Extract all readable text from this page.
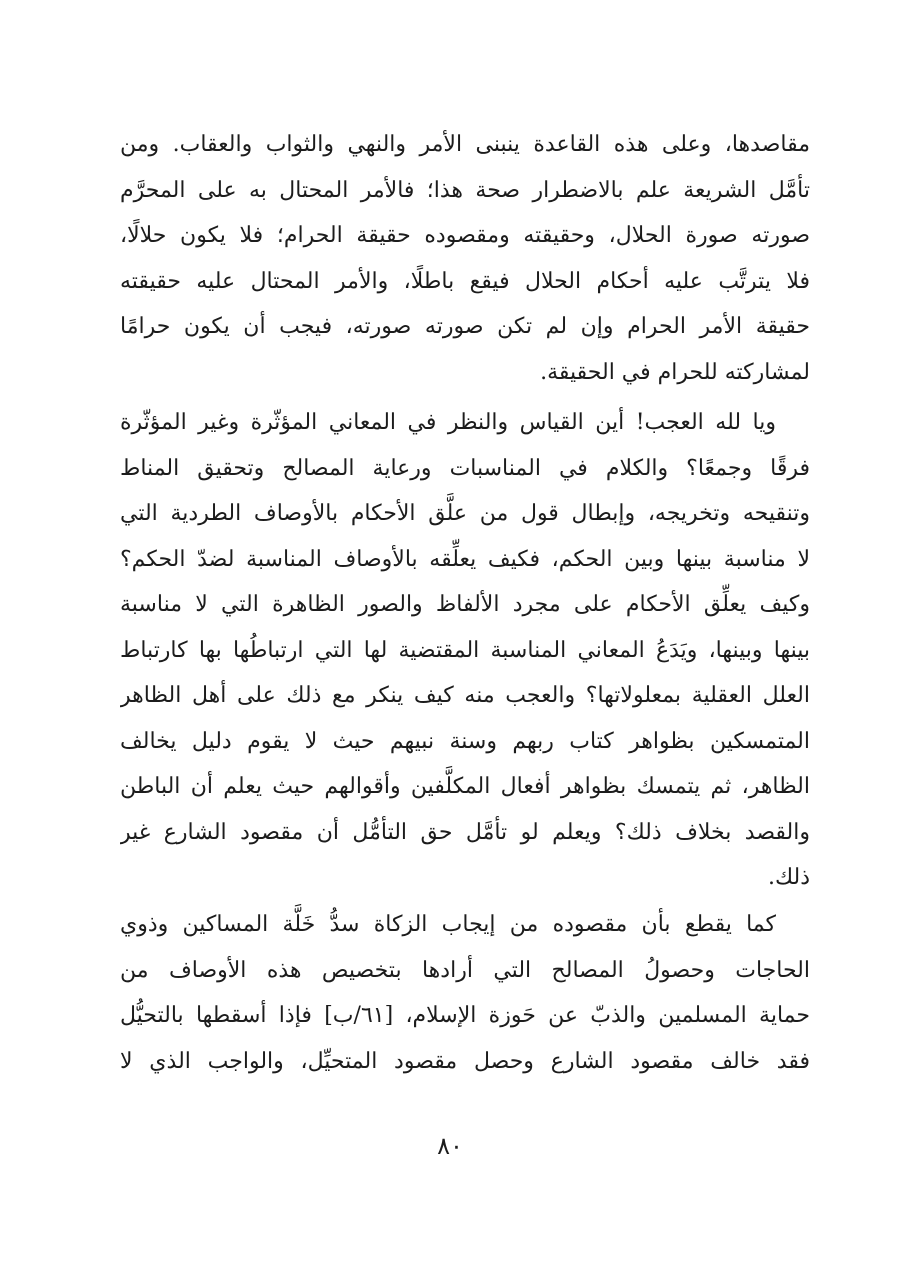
مقاصدها، وعلى هذه القاعدة ينبنى الأمر والنهي والثواب والعقاب. ومن
تأمَّل الشريعة علم بالاضطرار صحة هذا؛ فالأمر المحتال به على المحرَّم
صورته صورة الحلال، وحقيقته ومقصوده حقيقة الحرام؛ فلا يكون حلالًا،
فلا يترتَّب عليه أحكام الحلال فيقع باطلًا، والأمر المحتال عليه حقيقته
حقيقة الأمر الحرام وإن لم تكن صورته صورته، فيجب أن يكون حرامًا
لمشاركته للحرام في الحقيقة.
ويا لله العجب! أين القياس والنظر في المعاني المؤثّرة وغير المؤثّرة
فرقًا وجمعًا؟ والكلام في المناسبات ورعاية المصالح وتحقيق المناط
وتنقيحه وتخريجه، وإبطال قول من علَّق الأحكام بالأوصاف الطردية التي
لا مناسبة بينها وبين الحكم، فكيف يعلِّقه بالأوصاف المناسبة لضدّ الحكم؟
وكيف يعلِّق الأحكام على مجرد الألفاظ والصور الظاهرة التي لا مناسبة
بينها وبينها، ويَدَعُ المعاني المناسبة المقتضية لها التي ارتباطُها بها كارتباط
العلل العقلية بمعلولاتها؟ والعجب منه كيف ينكر مع ذلك على أهل الظاهر
المتمسكين بظواهر كتاب ربهم وسنة نبيهم حيث لا يقوم دليل يخالف
الظاهر، ثم يتمسك بظواهر أفعال المكلَّفين وأقوالهم حيث يعلم أن الباطن
والقصد بخلاف ذلك؟ ويعلم لو تأمَّل حق التأمُّل أن مقصود الشارع غير
ذلك.
كما يقطع بأن مقصوده من إيجاب الزكاة سدُّ خَلَّة المساكين وذوي
الحاجات وحصولُ المصالح التي أرادها بتخصيص هذه الأوصاف من
حماية المسلمين والذبّ عن حَوزة الإسلام، [٦١/ب] فإذا أسقطها بالتحيُّل
فقد خالف مقصود الشارع وحصل مقصود المتحيِّل، والواجب الذي لا
٨٠
